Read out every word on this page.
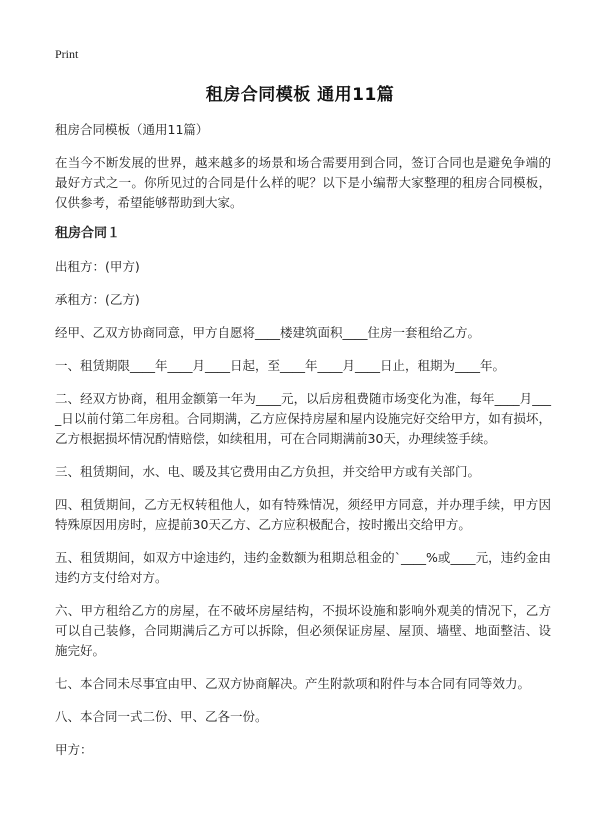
Print
租房合同模板 通用11篇

租房合同模板（通用11篇）

在当今不断发展的世界，越来越多的场景和场合需要用到合同，签订合同也是避免争端的最好方式之一。你所见过的合同是什么样的呢？以下是小编帮大家整理的租房合同模板，仅供参考，希望能够帮助到大家。

租房合同１

出租方：(甲方)

承租方：(乙方)

经甲、乙双方协商同意，甲方自愿将____楼建筑面积____住房一套租给乙方。

一、租赁期限____年____月____日起，至____年____月____日止，租期为____年。

二、经双方协商，租用金额第一年为____元，以后房租费随市场变化为准，每年____月____日以前付第二年房租。合同期满，乙方应保持房屋和屋内设施完好交给甲方，如有损坏，乙方根据损坏情况酌情赔偿，如续租用，可在合同期满前30天，办理续签手续。

三、租赁期间，水、电、暖及其它费用由乙方负担，并交给甲方或有关部门。

四、租赁期间，乙方无权转租他人，如有特殊情况，须经甲方同意，并办理手续，甲方因特殊原因用房时，应提前30天乙方、乙方应积极配合，按时搬出交给甲方。

五、租赁期间，如双方中途违约，违约金数额为租期总租金的`____%或____元，违约金由违约方支付给对方。

六、甲方租给乙方的房屋，在不破坏房屋结构，不损坏设施和影响外观美的情况下，乙方可以自己装修，合同期满后乙方可以拆除，但必须保证房屋、屋顶、墙壁、地面整洁、设施完好。

七、本合同未尽事宜由甲、乙双方协商解决。产生附款项和附件与本合同有同等效力。

八、本合同一式二份、甲、乙各一份。

甲方：
